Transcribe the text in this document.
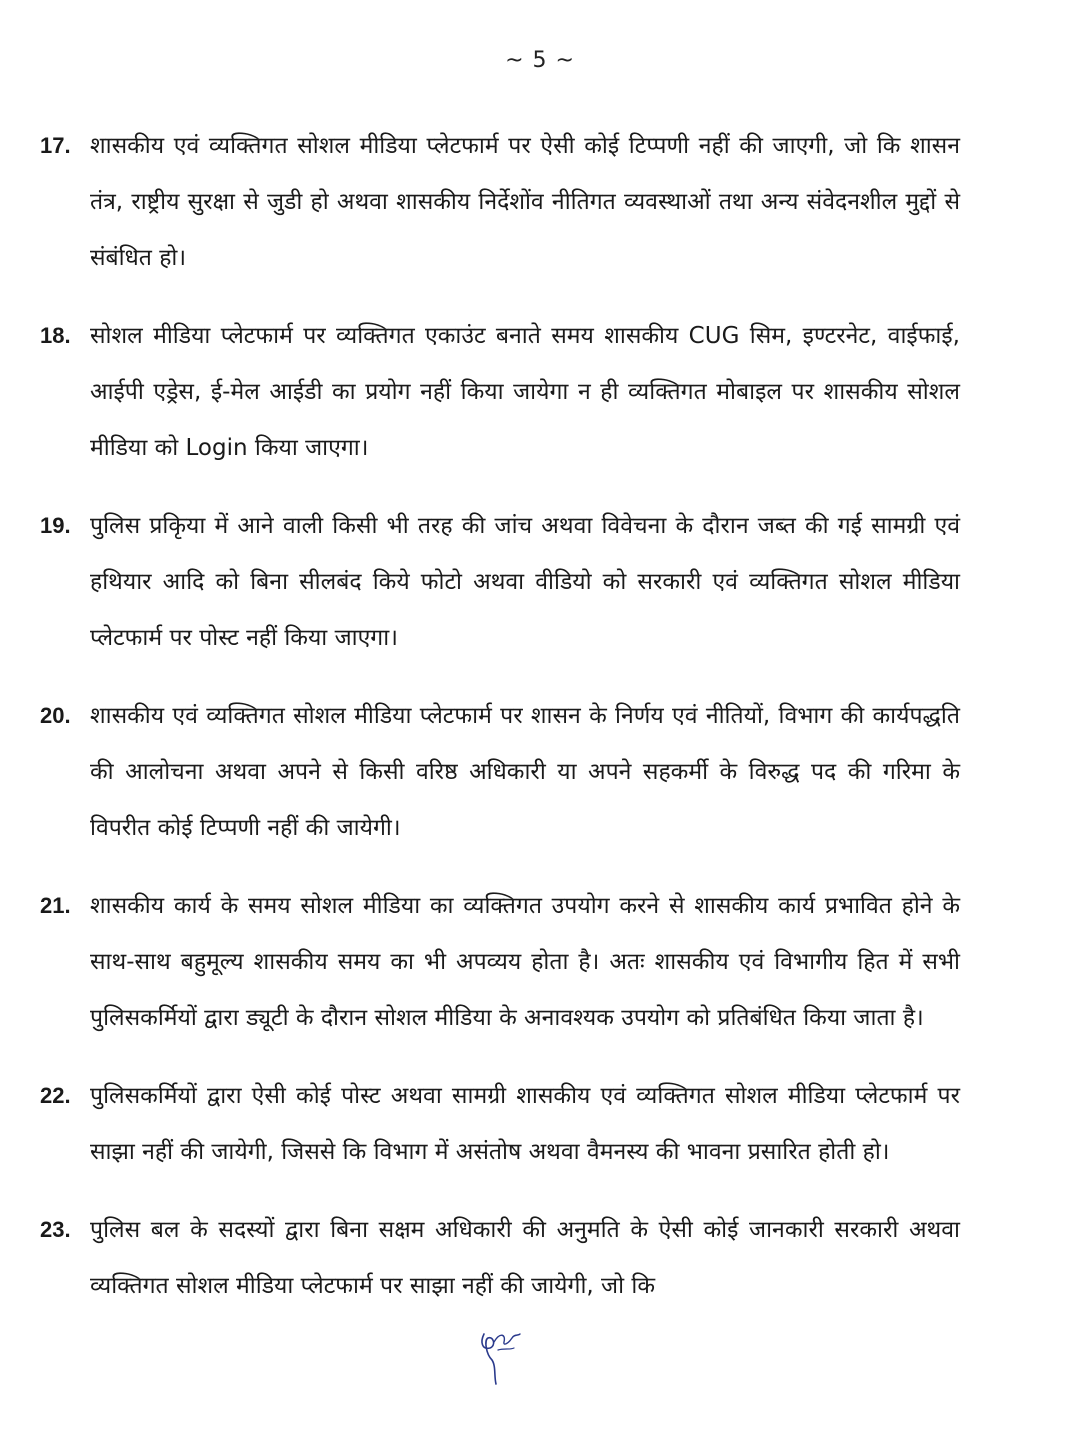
~ 5 ~
17. शासकीय एवं व्यक्तिगत सोशल मीडिया प्लेटफार्म पर ऐसी कोई टिप्पणी नहीं की जाएगी, जो कि शासन तंत्र, राष्ट्रीय सुरक्षा से जुडी हो अथवा शासकीय निर्देशोंव नीतिगत व्यवस्थाओं तथा अन्य संवेदनशील मुद्दों से संबंधित हो।

18. सोशल मीडिया प्लेटफार्म पर व्यक्तिगत एकाउंट बनाते समय शासकीय CUG सिम, इण्टरनेट, वाईफाई, आईपी एड्रेस, ई-मेल आईडी का प्रयोग नहीं किया जायेगा न ही व्यक्तिगत मोबाइल पर शासकीय सोशल मीडिया को Login किया जाएगा।

19. पुलिस प्रकृिया में आने वाली किसी भी तरह की जांच अथवा विवेचना के दौरान जब्त की गई सामग्री एवं हथियार आदि को बिना सीलबंद किये फोटो अथवा वीडियो को सरकारी एवं व्यक्तिगत सोशल मीडिया प्लेटफार्म पर पोस्ट नहीं किया जाएगा।

20. शासकीय एवं व्यक्तिगत सोशल मीडिया प्लेटफार्म पर शासन के निर्णय एवं नीतियों, विभाग की कार्यपद्धति की आलोचना अथवा अपने से किसी वरिष्ठ अधिकारी या अपने सहकर्मी के विरुद्ध पद की गरिमा के विपरीत कोई टिप्पणी नहीं की जायेगी।

21. शासकीय कार्य के समय सोशल मीडिया का व्यक्तिगत उपयोग करने से शासकीय कार्य प्रभावित होने के साथ-साथ बहुमूल्य शासकीय समय का भी अपव्यय होता है। अतः शासकीय एवं विभागीय हित में सभी पुलिसकर्मियों द्वारा ड्यूटी के दौरान सोशल मीडिया के अनावश्यक उपयोग को प्रतिबंधित किया जाता है।

22. पुलिसकर्मियों द्वारा ऐसी कोई पोस्ट अथवा सामग्री शासकीय एवं व्यक्तिगत सोशल मीडिया प्लेटफार्म पर साझा नहीं की जायेगी, जिससे कि विभाग में असंतोष अथवा वैमनस्य की भावना प्रसारित होती हो।

23. पुलिस बल के सदस्यों द्वारा बिना सक्षम अधिकारी की अनुमति के ऐसी कोई जानकारी सरकारी अथवा व्यक्तिगत सोशल मीडिया प्लेटफार्म पर साझा नहीं की जायेगी, जो कि
